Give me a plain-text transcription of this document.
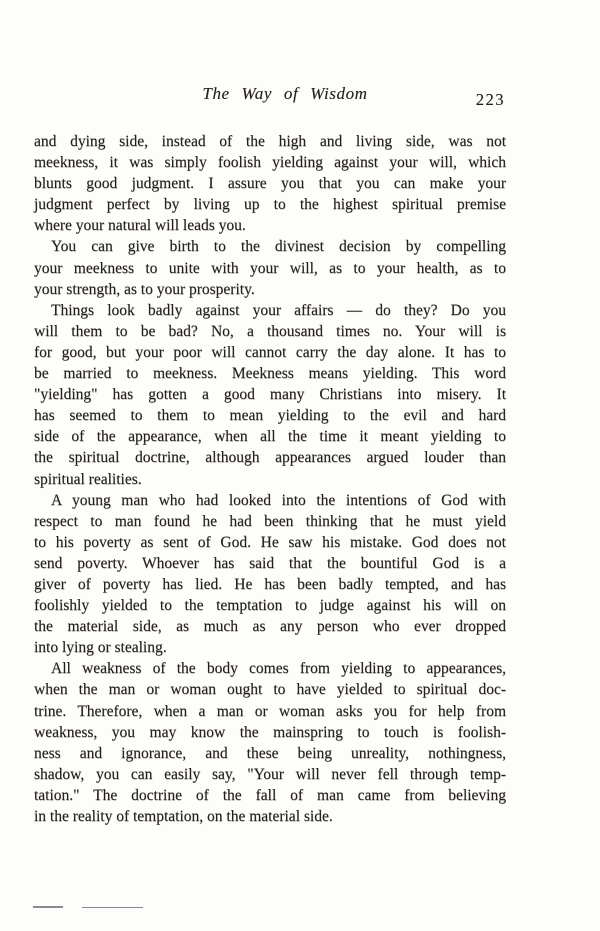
The Way of Wisdom	223
and dying side, instead of the high and living side, was not
meekness, it was simply foolish yielding against your will, which
blunts good judgment. I assure you that you can make your
judgment perfect by living up to the highest spiritual premise
where your natural will leads you.
You can give birth to the divinest decision by compelling
your meekness to unite with your will, as to your health, as to
your strength, as to your prosperity.
Things look badly against your affairs — do they? Do you
will them to be bad? No, a thousand times no. Your will is
for good, but your poor will cannot carry the day alone. It has to
be married to meekness. Meekness means yielding. This word
"yielding" has gotten a good many Christians into misery. It
has seemed to them to mean yielding to the evil and hard
side of the appearance, when all the time it meant yielding to
the spiritual doctrine, although appearances argued louder than
spiritual realities.
A young man who had looked into the intentions of God with
respect to man found he had been thinking that he must yield
to his poverty as sent of God. He saw his mistake. God does not
send poverty. Whoever has said that the bountiful God is a
giver of poverty has lied. He has been badly tempted, and has
foolishly yielded to the temptation to judge against his will on
the material side, as much as any person who ever dropped
into lying or stealing.
All weakness of the body comes from yielding to appearances,
when the man or woman ought to have yielded to spiritual doc-
trine. Therefore, when a man or woman asks you for help from
weakness, you may know the mainspring to touch is foolish-
ness and ignorance, and these being unreality, nothingness,
shadow, you can easily say, "Your will never fell through temp-
tation." The doctrine of the fall of man came from believing
in the reality of temptation, on the material side.
